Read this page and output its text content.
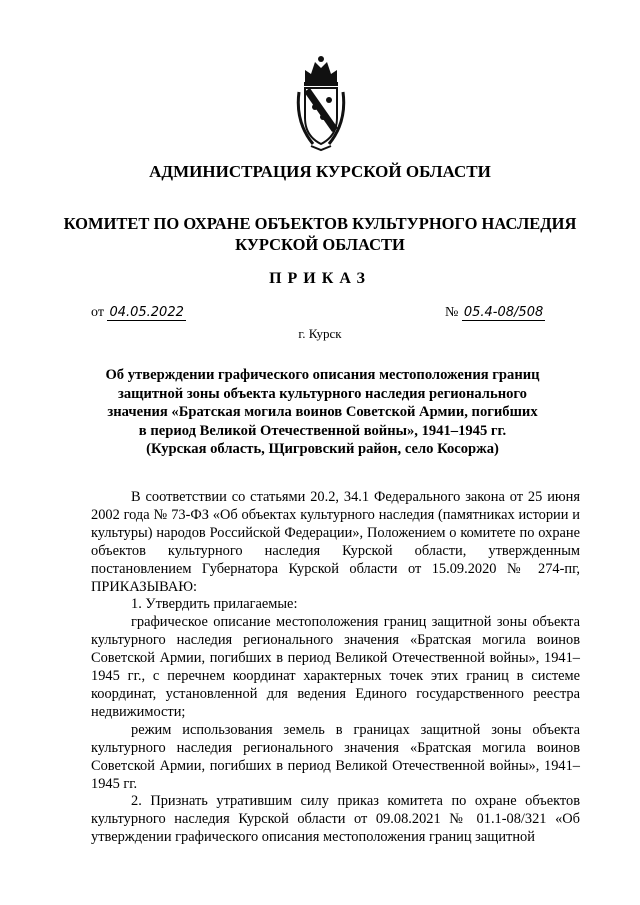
АДМИНИСТРАЦИЯ КУРСКОЙ ОБЛАСТИ
КОМИТЕТ ПО ОХРАНЕ ОБЪЕКТОВ КУЛЬТУРНОГО НАСЛЕДИЯ
КУРСКОЙ ОБЛАСТИ
ПРИКАЗ
от 04.05.2022	№ 05.4-08/508
г. Курск
Об утверждении графического описания местоположения границ
защитной зоны объекта культурного наследия регионального
значения «Братская могила воинов Советской Армии, погибших
в период Великой Отечественной войны», 1941–1945 гг.
(Курская область, Щигровский район, село Косоржа)

В соответствии со статьями 20.2, 34.1 Федерального закона от 25 июня 2002 года № 73-ФЗ «Об объектах культурного наследия (памятниках истории и культуры) народов Российской Федерации», Положением о комитете по охране объектов культурного наследия Курской области, утвержденным постановлением Губернатора Курской области от 15.09.2020 № 274-пг, ПРИКАЗЫВАЮ:

1. Утвердить прилагаемые:

графическое описание местоположения границ защитной зоны объекта культурного наследия регионального значения «Братская могила воинов Советской Армии, погибших в период Великой Отечественной войны», 1941–1945 гг., с перечнем координат характерных точек этих границ в системе координат, установленной для ведения Единого государственного реестра недвижимости;

режим использования земель в границах защитной зоны объекта культурного наследия регионального значения «Братская могила воинов Советской Армии, погибших в период Великой Отечественной войны», 1941–1945 гг.

2. Признать утратившим силу приказ комитета по охране объектов культурного наследия Курской области от 09.08.2021 № 01.1-08/321 «Об утверждении графического описания местоположения границ защитной
